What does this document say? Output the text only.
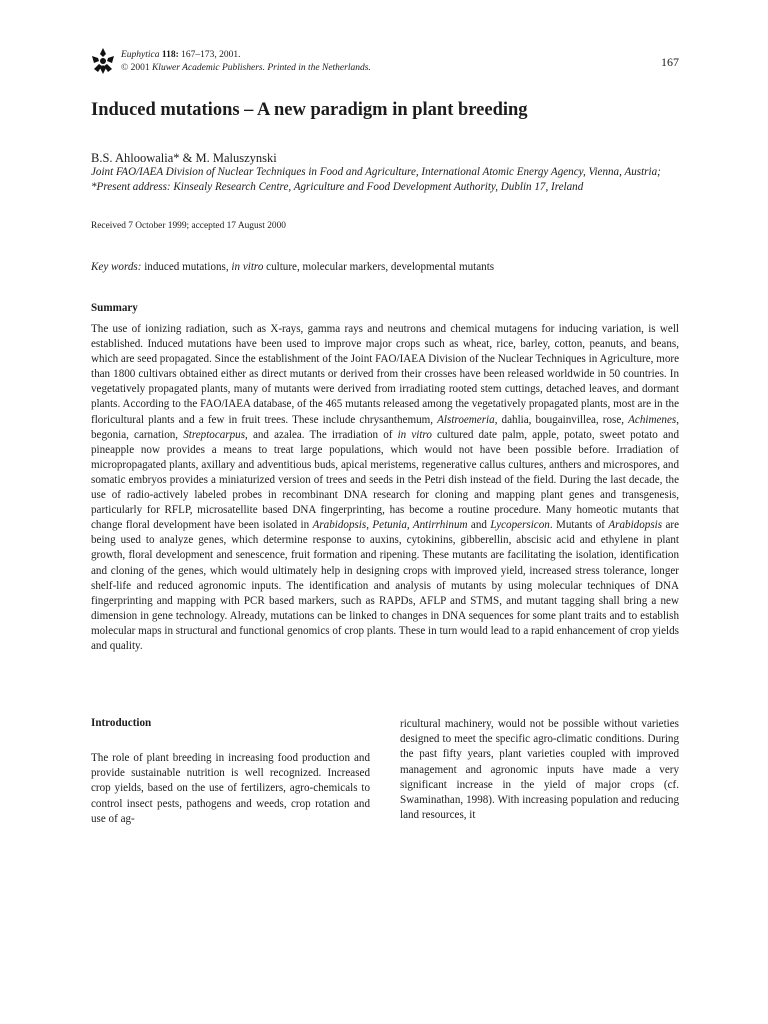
Euphytica 118: 167–173, 2001.
© 2001 Kluwer Academic Publishers. Printed in the Netherlands.	167
Induced mutations – A new paradigm in plant breeding
B.S. Ahloowalia* & M. Maluszynski
Joint FAO/IAEA Division of Nuclear Techniques in Food and Agriculture, International Atomic Energy Agency, Vienna, Austria; *Present address: Kinsealy Research Centre, Agriculture and Food Development Authority, Dublin 17, Ireland
Received 7 October 1999; accepted 17 August 2000
Key words: induced mutations, in vitro culture, molecular markers, developmental mutants
Summary

The use of ionizing radiation, such as X-rays, gamma rays and neutrons and chemical mutagens for inducing variation, is well established. Induced mutations have been used to improve major crops such as wheat, rice, barley, cotton, peanuts, and beans, which are seed propagated. Since the establishment of the Joint FAO/IAEA Division of the Nuclear Techniques in Agriculture, more than 1800 cultivars obtained either as direct mutants or derived from their crosses have been released worldwide in 50 countries. In vegetatively propagated plants, many of mutants were derived from irradiating rooted stem cuttings, detached leaves, and dormant plants. According to the FAO/IAEA database, of the 465 mutants released among the vegetatively propagated plants, most are in the floricultural plants and a few in fruit trees. These include chrysanthemum, Alstroemeria, dahlia, bougainvillea, rose, Achimenes, begonia, carnation, Streptocarpus, and azalea. The irradiation of in vitro cultured date palm, apple, potato, sweet potato and pineapple now provides a means to treat large populations, which would not have been possible before. Irradiation of micropropagated plants, axillary and adventitious buds, apical meristems, regenerative callus cultures, anthers and microspores, and somatic embryos provides a miniaturized version of trees and seeds in the Petri dish instead of the field. During the last decade, the use of radio-actively labeled probes in recombinant DNA research for cloning and mapping plant genes and transgenesis, particularly for RFLP, microsatellite based DNA fingerprinting, has become a routine procedure. Many homeotic mutants that change floral development have been isolated in Arabidopsis, Petunia, Antirrhinum and Lycopersicon. Mutants of Arabidopsis are being used to analyze genes, which determine response to auxins, cytokinins, gibberellin, abscisic acid and ethylene in plant growth, floral development and senescence, fruit formation and ripening. These mutants are facilitating the isolation, identification and cloning of the genes, which would ultimately help in designing crops with improved yield, increased stress tolerance, longer shelf-life and reduced agronomic inputs. The identification and analysis of mutants by using molecular techniques of DNA fingerprinting and mapping with PCR based markers, such as RAPDs, AFLP and STMS, and mutant tagging shall bring a new dimension in gene technology. Already, mutations can be linked to changes in DNA sequences for some plant traits and to establish molecular maps in structural and functional genomics of crop plants. These in turn would lead to a rapid enhancement of crop yields and quality.

Introduction

The role of plant breeding in increasing food production and provide sustainable nutrition is well recognized. Increased crop yields, based on the use of fertilizers, agro-chemicals to control insect pests, pathogens and weeds, crop rotation and use of ag-

ricultural machinery, would not be possible without varieties designed to meet the specific agro-climatic conditions. During the past fifty years, plant varieties coupled with improved management and agronomic inputs have made a very significant increase in the yield of major crops (cf. Swaminathan, 1998). With increasing population and reducing land resources, it
